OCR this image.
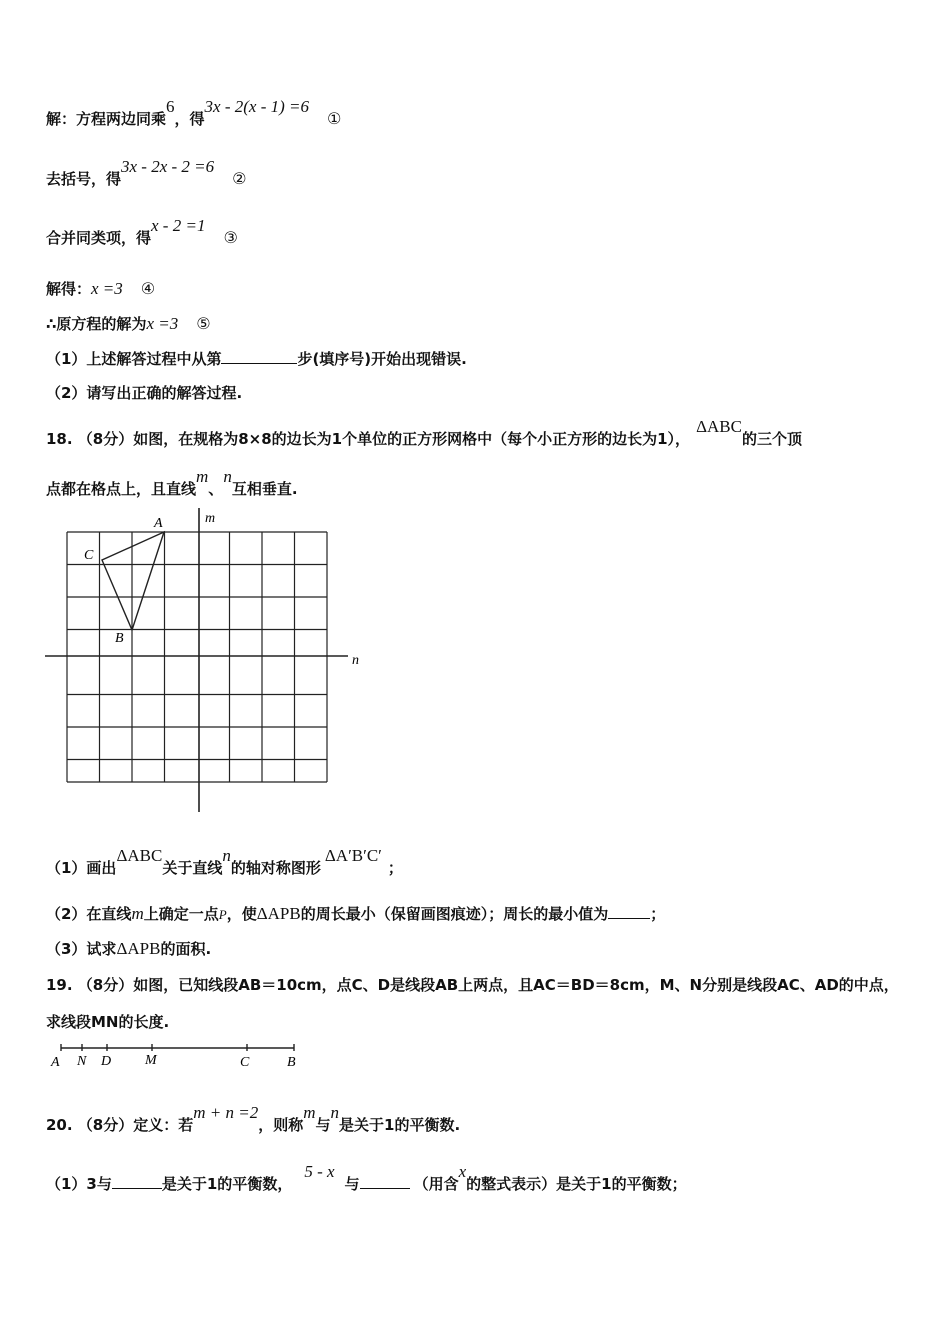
解：方程两边同乘6，得3x - 2(x - 1) =6①
去括号，得3x - 2x - 2 =6②
合并同类项，得x - 2 =1③
解得：x =3 ④
∴原方程的解为x =3 ⑤
（1）上述解答过程中从第	步(填序号)开始出现错误.
（2）请写出正确的解答过程.
18. （8分）如图，在规格为8×8的边长为1个单位的正方形网格中（每个小正方形的边长为1），ΔABC的三个顶
点都在格点上，且直线m、n互相垂直.
A
C
B
m
n
（1）画出ΔABC关于直线n的轴对称图形ΔA′B′C′；
（2）在直线m上确定一点P，使ΔAPB的周长最小（保留画图痕迹）；周长的最小值为	；
（3）试求ΔAPB的面积.
19. （8分）如图，已知线段AB＝10cm，点C、D是线段AB上两点，且AC＝BD＝8cm，M、N分别是线段AC、AD的中点，
求线段MN的长度.
A N D M	C	B
20. （8分）定义：若m + n =2，则称m与n是关于1的平衡数.
（1）3与	是关于1的平衡数，5 - x与	（用含x的整式表示）是关于1的平衡数；
